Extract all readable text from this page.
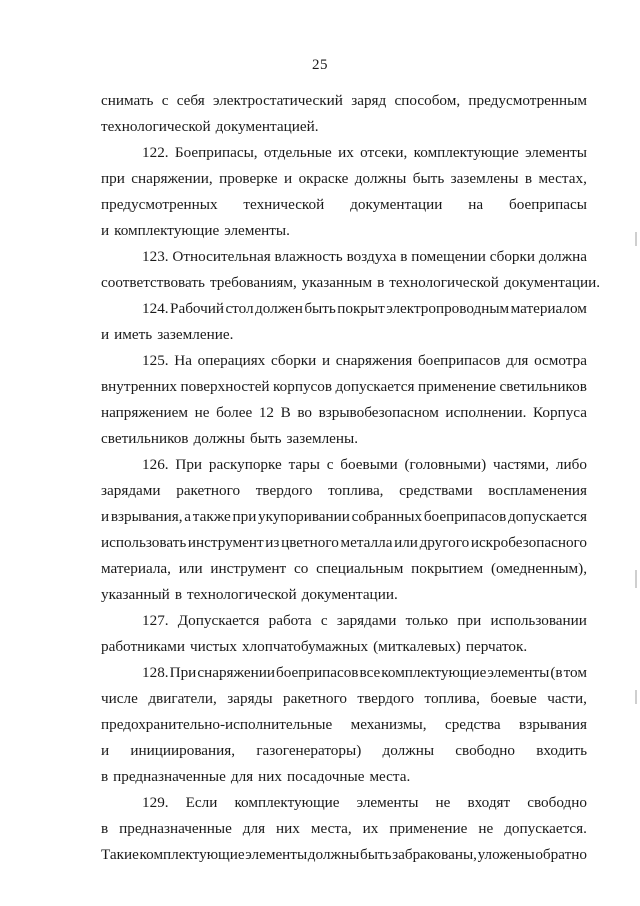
25
снимать с себя электростатический заряд способом, предусмотренным
технологической документацией.
122. Боеприпасы, отдельные их отсеки, комплектующие элементы
при снаряжении, проверке и окраске должны быть заземлены в местах,
предусмотренных технической документации на боеприпасы
и комплектующие элементы.
123. Относительная влажность воздуха в помещении сборки должна
соответствовать требованиям, указанным в технологической документации.
124. Рабочий стол должен быть покрыт электропроводным материалом
и иметь заземление.
125. На операциях сборки и снаряжения боеприпасов для осмотра
внутренних поверхностей корпусов допускается применение светильников
напряжением не более 12 В во взрывобезопасном исполнении. Корпуса
светильников должны быть заземлены.
126. При раскупорке тары с боевыми (головными) частями, либо
зарядами ракетного твердого топлива, средствами воспламенения
и взрывания, а также при укупоривании собранных боеприпасов допускается
использовать инструмент из цветного металла или другого искробезопасного
материала, или инструмент со специальным покрытием (омедненным),
указанный в технологической документации.
127. Допускается работа с зарядами только при использовании
работниками чистых хлопчатобумажных (миткалевых) перчаток.
128. При снаряжении боеприпасов все комплектующие элементы (в том
числе двигатели, заряды ракетного твердого топлива, боевые части,
предохранительно-исполнительные механизмы, средства взрывания
и инициирования, газогенераторы) должны свободно входить
в предназначенные для них посадочные места.
129. Если комплектующие элементы не входят свободно
в предназначенные для них места, их применение не допускается.
Такие комплектующие элементы должны быть забракованы, уложены обратно
